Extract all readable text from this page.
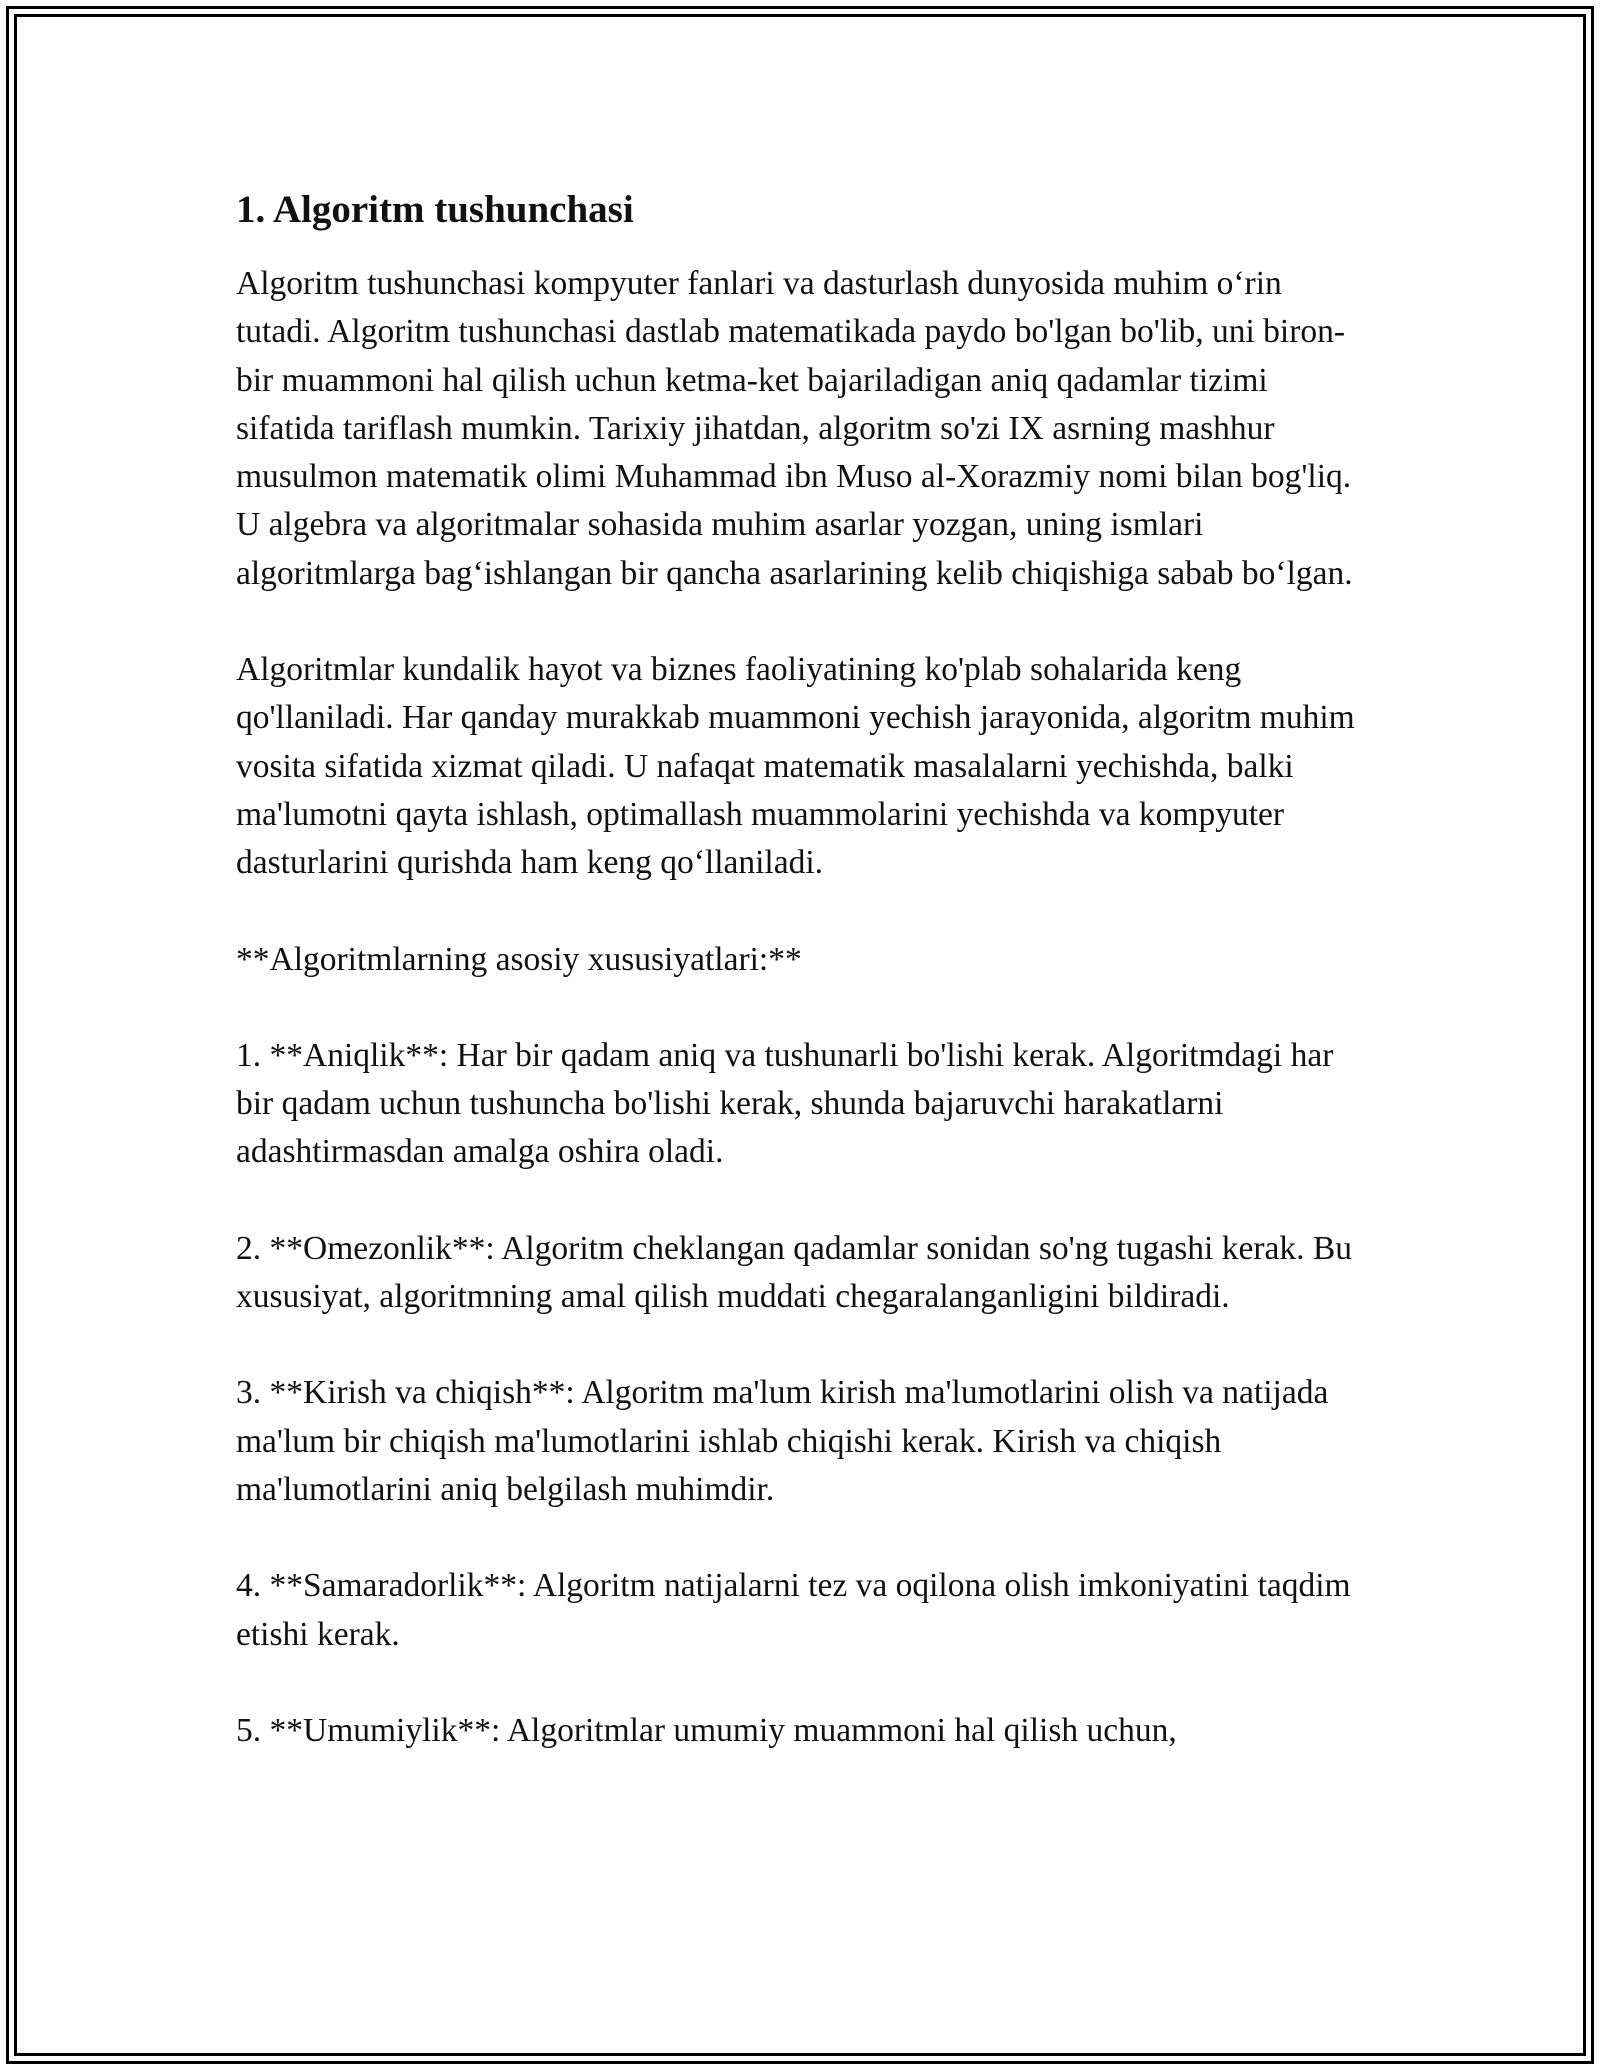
1. Algoritm tushunchasi

Algoritm tushunchasi kompyuter fanlari va dasturlash dunyosida muhim o‘rin tutadi. Algoritm tushunchasi dastlab matematikada paydo bo'lgan bo'lib, uni biron-bir muammoni hal qilish uchun ketma-ket bajariladigan aniq qadamlar tizimi sifatida tariflash mumkin. Tarixiy jihatdan, algoritm so'zi IX asrning mashhur musulmon matematik olimi Muhammad ibn Muso al-Xorazmiy nomi bilan bog'liq. U algebra va algoritmalar sohasida muhim asarlar yozgan, uning ismlari algoritmlarga bag‘ishlangan bir qancha asarlarining kelib chiqishiga sabab bo‘lgan.

Algoritmlar kundalik hayot va biznes faoliyatining ko'plab sohalarida keng qo'llaniladi. Har qanday murakkab muammoni yechish jarayonida, algoritm muhim vosita sifatida xizmat qiladi. U nafaqat matematik masalalarni yechishda, balki ma'lumotni qayta ishlash, optimallash muammolarini yechishda va kompyuter dasturlarini qurishda ham keng qo‘llaniladi.

**Algoritmlarning asosiy xususiyatlari:**

1. **Aniqlik**: Har bir qadam aniq va tushunarli bo'lishi kerak. Algoritmdagi har bir qadam uchun tushuncha bo'lishi kerak, shunda bajaruvchi harakatlarni adashtirmasdan amalga oshira oladi.

2. **Omezonlik**: Algoritm cheklangan qadamlar sonidan so'ng tugashi kerak. Bu xususiyat, algoritmning amal qilish muddati chegaralanganligini bildiradi.

3. **Kirish va chiqish**: Algoritm ma'lum kirish ma'lumotlarini olish va natijada ma'lum bir chiqish ma'lumotlarini ishlab chiqishi kerak. Kirish va chiqish ma'lumotlarini aniq belgilash muhimdir.

4. **Samaradorlik**: Algoritm natijalarni tez va oqilona olish imkoniyatini taqdim etishi kerak.

5. **Umumiylik**: Algoritmlar umumiy muammoni hal qilish uchun,
